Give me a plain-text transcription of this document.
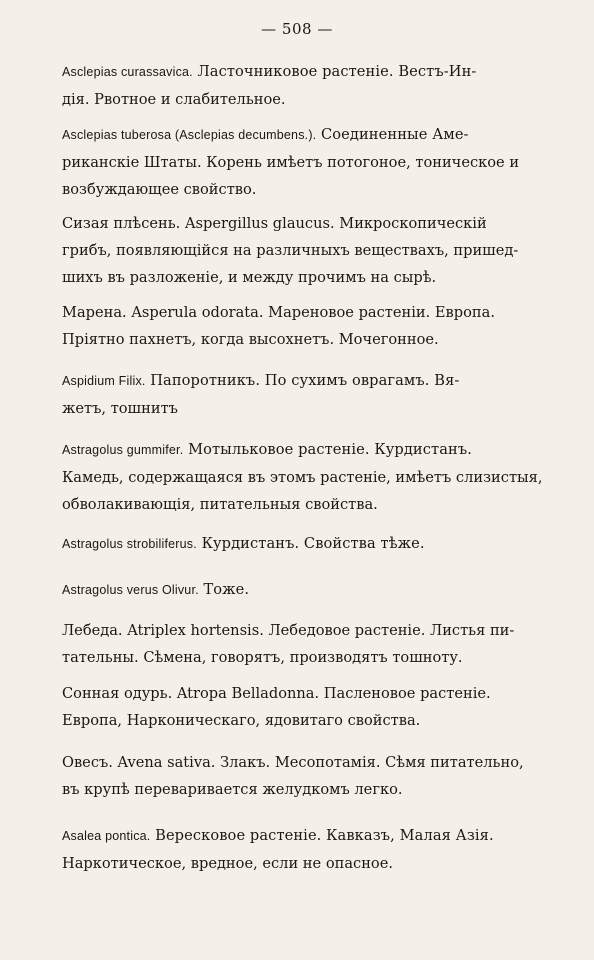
— 508 —
Asclepias curassavica. Ласточниковое растеніе. Вестъ-Ин-
дія. Рвотное и слабительное.
Asclepias tuberosa (Asclepias decumbens.). Соединенные Аме-
риканскіе Штаты. Корень имѣетъ потогоное, тоническое и
возбуждающее свойство.
Сизая плѣсень. Aspergillus glaucus. Микроскопическій
грибъ, появляющійся на различныхъ веществахъ, пришед-
шихъ въ разложеніе, и между прочимъ на сырѣ.
Марена. Asperula odorata. Мареновое растеніи. Европа.
Пріятно пахнетъ, когда высохнетъ. Мочегонное.
Aspidium Filix. Папоротникъ. По сухимъ оврагамъ. Вя-
жетъ, тошнитъ
Astragolus gummifer. Мотыльковое растеніе. Курдистанъ.
Камедь, содержащаяся въ этомъ растеніе, имѣетъ слизистыя,
обволакивающія, питательныя свойства.
Astragolus strobiliferus. Курдистанъ. Свойства тѣже.
Astragolus verus Olivur. Тоже.
Лебеда. Atriplex hortensis. Лебедовое растеніе. Листья пи-
тательны. Сѣмена, говорятъ, производятъ тошноту.
Сонная одурь. Atropa Belladonna. Пасленовое растеніе.
Европа, Нарконическаго, ядовитаго свойства.
Овесъ. Avena sativa. Злакъ. Месопотамія. Сѣмя питательно,
въ крупѣ переваривается желудкомъ легко.
Asalea pontica. Вересковое растеніе. Кавказъ, Малая Азія.
Наркотическое, вредное, если не опасное.
